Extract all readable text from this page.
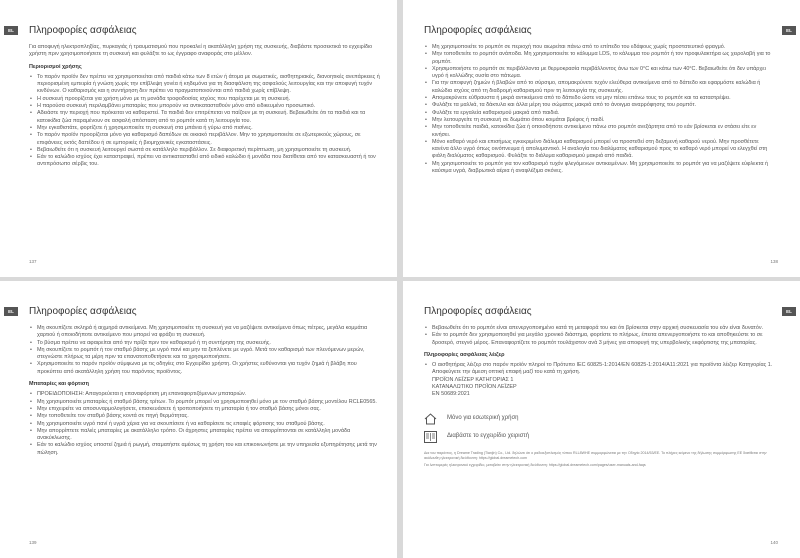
EL	Πληροφορίες ασφάλειας

Για αποφυγή ηλεκτροπληξίας, πυρκαγιάς ή τραυματισμού που προκαλεί η ακατάλληλη χρήση της συσκευής, διαβάστε προσεκτικά το εγχειρίδιο χρήστη πριν χρησιμοποιήσετε τη συσκευή και φυλάξτε το ως έγγραφο αναφοράς στο μέλλον.

Περιορισμοί χρήσης
• Το παρόν προϊόν δεν πρέπει να χρησιμοποιείται από παιδιά κάτω των 8 ετών ή άτομα με σωματικές, αισθητηριακές, διανοητικές ανεπάρκειες ή περιορισμένη εμπειρία ή γνώση χωρίς την επίβλεψη γονέα ή κηδεμόνα για τη διασφάλιση της ασφαλούς λειτουργίας και την αποφυγή τυχόν κινδύνων. Ο καθαρισμός και η συντήρηση δεν πρέπει να πραγματοποιούνται από παιδιά χωρίς επίβλεψη.
• Η συσκευή προορίζεται για χρήση μόνο με τη μονάδα τροφοδοσίας ισχύος που παρέχεται με τη συσκευή.
• Η παρούσα συσκευή περιλαμβάνει μπαταρίες που μπορούν να αντικατασταθούν μόνο από ειδικευμένο προσωπικό.
• Αδειάστε την περιοχή που πρόκειται να καθαριστεί. Τα παιδιά δεν επιτρέπεται να παίζουν με τη συσκευή. Βεβαιωθείτε ότι τα παιδιά και τα κατοικίδια ζώα παραμένουν σε ασφαλή απόσταση από το ρομπότ κατά τη λειτουργία του.
• Μην εγκαθιστάτε, φορτίζετε ή χρησιμοποιείτε τη συσκευή στα μπάνια ή γύρω από πισίνες.
• Το παρόν προϊόν προορίζεται μόνο για καθαρισμό δαπέδων σε οικιακό περιβάλλον. Μην το χρησιμοποιείτε σε εξωτερικούς χώρους, σε επιφάνειες εκτός δαπέδου ή σε εμπορικές ή βιομηχανικές εγκαταστάσεις.
• Βεβαιωθείτε ότι η συσκευή λειτουργεί σωστά σε κατάλληλο περιβάλλον. Σε διαφορετική περίπτωση, μη χρησιμοποιείτε τη συσκευή.
• Εάν το καλώδιο ισχύος έχει καταστραφεί, πρέπει να αντικατασταθεί από ειδικό καλώδιο ή μονάδα που διατίθεται από τον κατασκευαστή ή τον αντιπρόσωπο σέρβις του.
137
EL
Πληροφορίες ασφάλειας
• Μη χρησιμοποιείτε το ρομπότ σε περιοχή που αιωρείται πάνω από το επίπεδο του εδάφους χωρίς προστατευτικό φραγμό.
• Μην τοποθετείτε το ρομπότ ανάποδα. Μη χρησιμοποιείτε το κάλυμμα LDS, το κάλυμμα του ρομπότ ή τον προφυλακτήρα ως χειρολαβή για το ρομπότ.
• Χρησιμοποιήστε το ρομπότ σε περιβάλλοντα με θερμοκρασία περιβάλλοντος άνω των 0°C και κάτω των 40°C. Βεβαιωθείτε ότι δεν υπάρχει υγρό ή κολλώδης ουσία στο πάτωμα.
• Για την αποφυγή ζημιών ή βλαβών από το σύρσιμο, απομακρύνετε τυχόν ελεύθερα αντικείμενα από το δάπεδο και εφαρμόστε καλώδια ή καλώδια ισχύος από τη διαδρομή καθαρισμού πριν τη λειτουργία της συσκευής.
• Απομακρύνετε εύθραυστα ή μικρά αντικείμενα από το δάπεδο ώστε να μην πέσει επάνω τους το ρομπότ και τα καταστρέψει.
• Φυλάξτε τα μαλλιά, τα δάκτυλα και άλλα μέρη του σώματος μακριά από το άνοιγμα αναρρόφησης του ρομπότ.
• Φυλάξτε τα εργαλεία καθαρισμού μακριά από παιδιά.
• Μην λειτουργείτε τη συσκευή σε δωμάτιο όπου κοιμάται βρέφος ή παιδί.
• Μην τοποθετείτε παιδιά, κατοικίδια ζώα ή οποιοδήποτε αντικείμενο πάνω στο ρομπότ ανεξάρτητα από το εάν βρίσκεται εν στάσει είτε εν κινήσει.
• Μόνο καθαρό νερό και επισήμως εγκεκριμένο διάλυμα καθαρισμού μπορεί να προστεθεί στη δεξαμενή καθαρού νερού. Μην προσθέτετε κανένα άλλο υγρό όπως οινόπνευμα ή απολυμαντικό. Η αναλογία του διαλύματος καθαρισμού προς το καθαρό νερό μπορεί να ελεγχθεί στη φιάλη διαλύματος καθαρισμού. Φυλάξτε το διάλυμα καθαρισμού μακριά από παιδιά.
• Μη χρησιμοποιείτε το ρομπότ για τον καθαρισμό τυχόν φλεγόμενων αντικειμένων. Μη χρησιμοποιείτε το ρομπότ για να μαζέψετε εύφλεκτα ή καύσιμα υγρά, διαβρωτικά αέρια ή αναφλέξιμα σκόνες.
138
EL	Πληροφορίες ασφάλειας
• Μη σκουπίζετε σκληρά ή αιχμηρά αντικείμενα. Μη χρησιμοποιείτε τη συσκευή για να μαζέψετε αντικείμενα όπως πέτρες, μεγάλα κομμάτια χαρτιού ή οποιοδήποτε αντικείμενο που μπορεί να φράξει τη συσκευή.
• Το βύσμα πρέπει να αφαιρείται από την πρίζα πριν τον καθαρισμό ή τη συντήρηση της συσκευής.
• Μη σκουπίζετε το ρομπότ ή τον σταθμό βάσης με υγρό πανί και μην τα ξεπλένετε με υγρό. Μετά τον καθαρισμό των πλενόμενων μερών, στεγνώστε πλήρως τα μέρη πριν τα επανατοποθετήσετε και τα χρησιμοποιήσετε.
• Χρησιμοποιείτε το παρόν προϊόν σύμφωνα με τις οδηγίες στο Εγχειρίδιο χρήστη. Οι χρήστες ευθύνονται για τυχόν ζημιά ή βλάβη που προκύπτει από ακατάλληλη χρήση του παρόντος προϊόντος.
Μπαταρίες και φόρτιση
• ΠΡΟΕΙΔΟΠΟΙΗΣΗ: Απαγορεύεται η επαναφόρτιση μη επαναφορτιζόμενων μπαταριών.
• Μη χρησιμοποιείτε μπαταρίες ή σταθμό βάσης τρίτων. Το ρομπότ μπορεί να χρησιμοποιηθεί μόνο με τον σταθμό βάσης μοντέλου RCLE0565.
• Μην επιχειρείτε να αποσυναρμολογήσετε, επισκευάσετε ή τροποποιήσετε τη μπαταρία ή τον σταθμό βάσης μόνοι σας.
• Μην τοποθετείτε τον σταθμό βάσης κοντά σε πηγή θερμότητας.
• Μη χρησιμοποιείτε υγρό πανί ή υγρά χέρια για να σκουπίσετε ή να καθαρίσετε τις επαφές φόρτισης του σταθμού βάσης.
• Μην απορρίπτετε παλιές μπαταρίες με ακατάλληλο τρόπο. Οι άχρηστες μπαταρίες πρέπει να απορρίπτονται σε κατάλληλη μονάδα ανακύκλωσης.
• Εάν το καλώδιο ισχύος υποστεί ζημιά ή ρωγμή, σταματήστε αμέσως τη χρήση του και επικοινωνήστε με την υπηρεσία εξυπηρέτησης μετά την πώληση.
139
EL
Πληροφορίες ασφάλειας
• Βεβαιωθείτε ότι το ρομπότ είναι απενεργοποιημένο κατά τη μεταφορά του και ότι βρίσκεται στην αρχική συσκευασία του εάν είναι δυνατόν.
• Εάν το ρομπότ δεν χρησιμοποιηθεί για μεγάλο χρονικό διάστημα, φορτίστε το πλήρως, έπειτα απενεργοποιήστε το και αποθηκεύστε το σε δροσερό, στεγνό μέρος. Επαναφορτίζετε το ρομπότ τουλάχιστον ανά 3 μήνες για αποφυγή της υπερβολικής εκφόρτισης της μπαταρίας.
Πληροφορίες ασφάλειας λέιζερ
• Ο αισθητήρας λέιζερ στο παρόν προϊόν πληροί το Πρότυπο IEC 60825-1:2014/EN 60825-1:2014/A11:2021 για προϊόντα λέιζερ Κατηγορίας 1. Αποφεύγετε την άμεση οπτική επαφή μαζί του κατά τη χρήση.
ΠΡΟΪΟΝ ΛΕΪΖΕΡ ΚΑΤΗΓΟΡΙΑΣ 1
ΚΑΤΑΝΑΛΩΤΙΚΟ ΠΡΟΪΟΝ ΛΕΪΖΕΡ
EN 50689:2021
Μόνο για εσωτερική χρήση
Διαβάστε το εγχειρίδιο χειριστή
Δια του παρόντος, η Dreame Trading (Tianjin) Co., Ltd. δηλώνει ότι ο ραδιοεξοπλισμός τύπου RLL8WHE συμμορφώνεται με την Οδηγία 2014/53/ΕΕ. Το πλήρες κείμενο της δήλωσης συμμόρφωσης ΕΕ διατίθεται στην ακόλουθη ηλεκτρονική διεύθυνση: https://global.dreametech.com
Για λεπτομερές ηλεκτρονικό εγχειρίδιο, μεταβείτε στην ηλεκτρονική διεύθυνση: https://global.dreametech.com/pages/user-manuals-and-faqs
140
